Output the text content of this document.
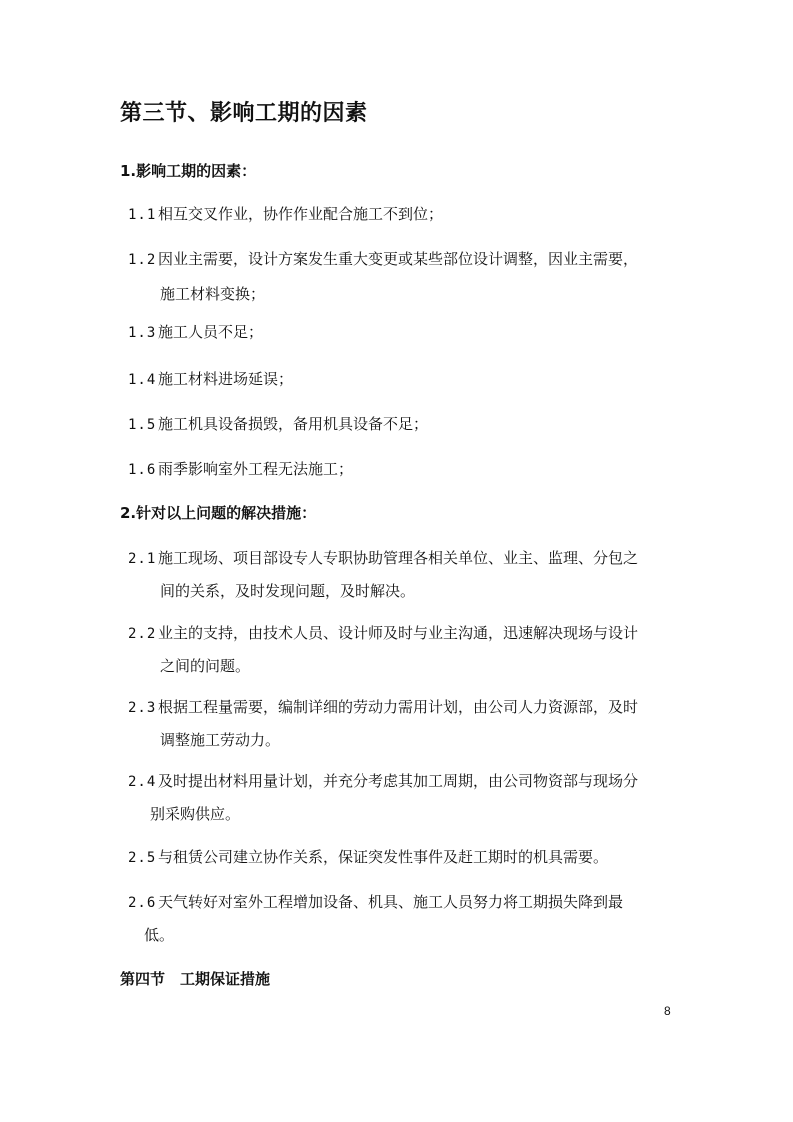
第三节、影响工期的因素
1.影响工期的因素：
1.1 相互交叉作业，协作作业配合施工不到位；
1.2 因业主需要，设计方案发生重大变更或某些部位设计调整，因业主需要，
施工材料变换；
1.3 施工人员不足；
1.4 施工材料进场延误；
1.5 施工机具设备损毁，备用机具设备不足；
1.6 雨季影响室外工程无法施工；
2.针对以上问题的解决措施：
2.1 施工现场、项目部设专人专职协助管理各相关单位、业主、监理、分包之
间的关系，及时发现问题，及时解决。
2.2 业主的支持，由技术人员、设计师及时与业主沟通，迅速解决现场与设计
之间的问题。
2.3 根据工程量需要，编制详细的劳动力需用计划，由公司人力资源部，及时
调整施工劳动力。
2.4 及时提出材料用量计划，并充分考虑其加工周期，由公司物资部与现场分
别采购供应。
2.5 与租赁公司建立协作关系，保证突发性事件及赶工期时的机具需要。
2.6 天气转好对室外工程增加设备、机具、施工人员努力将工期损失降到最
低。
第四节　工期保证措施
8
